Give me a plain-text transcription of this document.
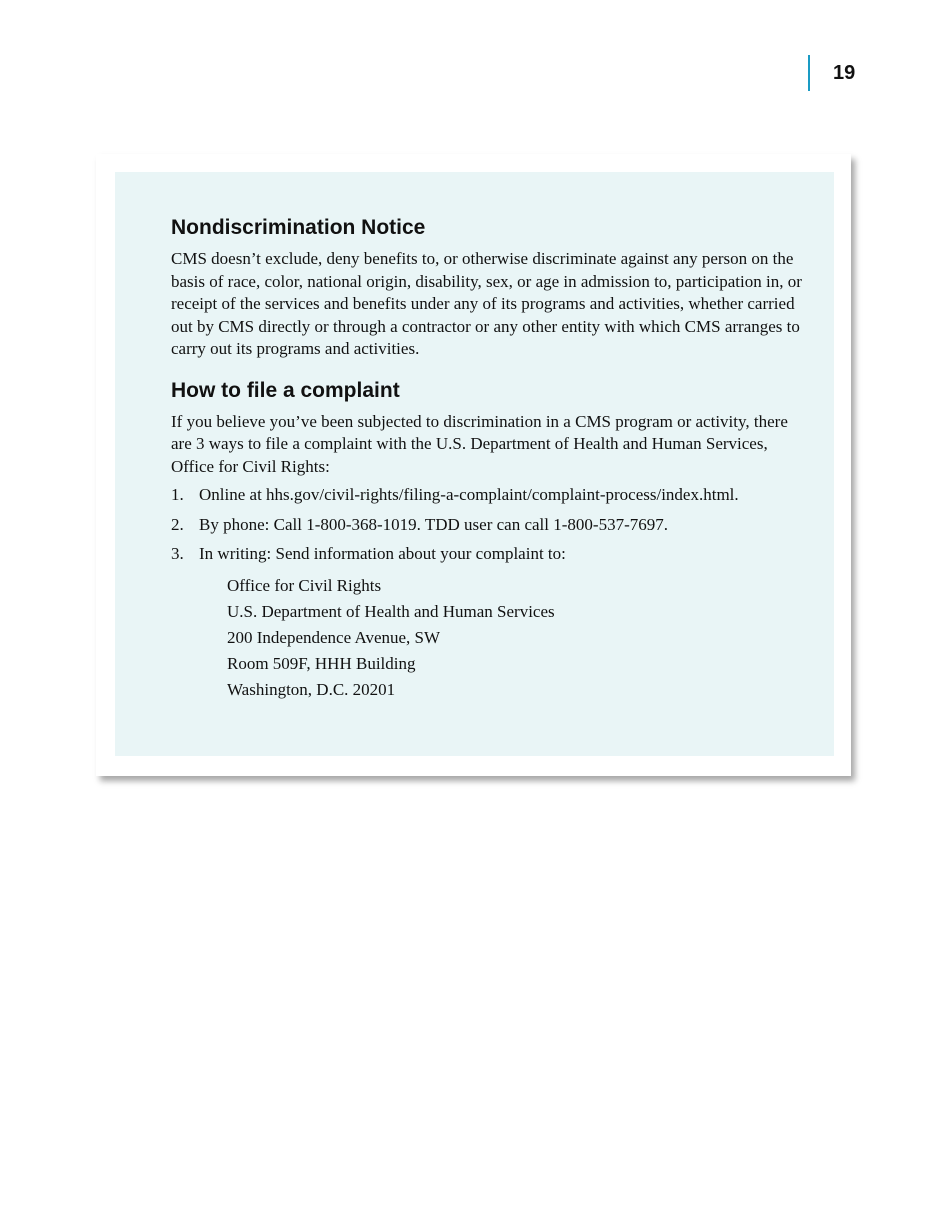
19
Nondiscrimination Notice

CMS doesn’t exclude, deny benefits to, or otherwise discriminate against any person on the basis of race, color, national origin, disability, sex, or age in admission to, participation in, or receipt of the services and benefits under any of its programs and activities, whether carried out by CMS directly or through a contractor or any other entity with which CMS arranges to carry out its programs and activities.

How to file a complaint

If you believe you’ve been subjected to discrimination in a CMS program or activity, there are 3 ways to file a complaint with the U.S. Department of Health and Human Services, Office for Civil Rights:

1. Online at hhs.gov/civil-rights/filing-a-complaint/complaint-process/index.html.
2. By phone: Call 1-800-368-1019. TDD user can call 1-800-537-7697.
3. In writing: Send information about your complaint to:
Office for Civil Rights
U.S. Department of Health and Human Services
200 Independence Avenue, SW
Room 509F, HHH Building
Washington, D.C. 20201
